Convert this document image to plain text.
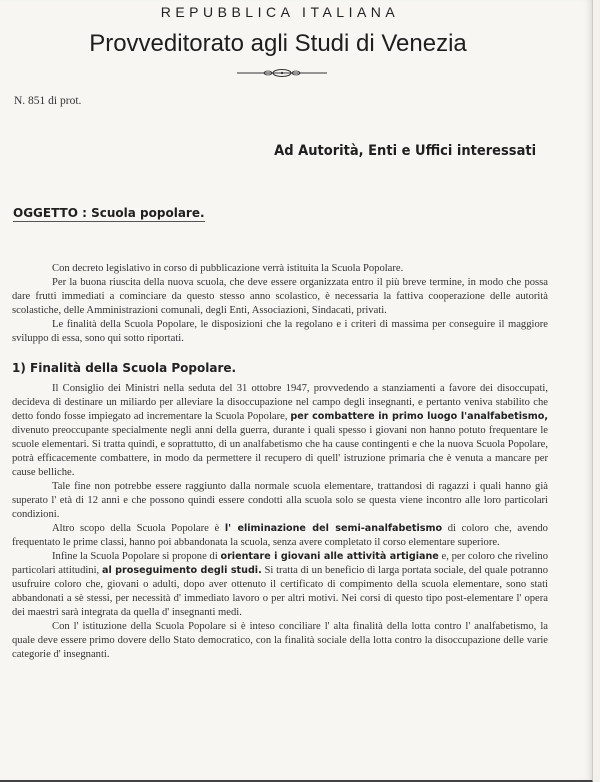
REPUBBLICA ITALIANA
Provveditorato agli Studi di Venezia
N. 851 di prot.
Ad Autorità, Enti e Uffici interessati
OGGETTO : Scuola popolare.

Con decreto legislativo in corso di pubblicazione verrà istituita la Scuola Popolare.

Per la buona riuscita della nuova scuola, che deve essere organizzata entro il più breve termine, in modo che possa dare frutti immediati a cominciare da questo stesso anno scolastico, è necessaria la fattiva cooperazione delle autorità scolastiche, delle Amministrazioni comunali, degli Enti, Associazioni, Sindacati, privati.

Le finalità della Scuola Popolare, le disposizioni che la regolano e i criteri di massima per conseguire il maggiore sviluppo di essa, sono qui sotto riportati.

1) Finalità della Scuola Popolare.

Il Consiglio dei Ministri nella seduta del 31 ottobre 1947, provvedendo a stanziamenti a favore dei disoccupati, decideva di destinare un miliardo per alleviare la disoccupazione nel campo degli insegnanti, e pertanto veniva stabilito che detto fondo fosse impiegato ad incrementare la Scuola Popolare, per combattere in primo luogo l'analfabetismo, divenuto preoccupante specialmente negli anni della guerra, durante i quali spesso i giovani non hanno potuto frequentare le scuole elementari. Si tratta quindi, e soprattutto, di un analfabetismo che ha cause contingenti e che la nuova Scuola Popolare, potrà efficacemente combattere, in modo da permettere il recupero di quell' istruzione primaria che è venuta a mancare per cause belliche.

Tale fine non potrebbe essere raggiunto dalla normale scuola elementare, trattandosi di ragazzi i quali hanno già superato l' età di 12 anni e che possono quindi essere condotti alla scuola solo se questa viene incontro alle loro particolari condizioni.

Altro scopo della Scuola Popolare è l' eliminazione del semi-analfabetismo di coloro che, avendo frequentato le prime classi, hanno poi abbandonata la scuola, senza avere completato il corso elementare superiore.

Infine la Scuola Popolare si propone di orientare i giovani alle attività artigiane e, per coloro che rivelino particolari attitudini, al proseguimento degli studi. Si tratta di un beneficio di larga portata sociale, del quale potranno usufruire coloro che, giovani o adulti, dopo aver ottenuto il certificato di compimento della scuola elementare, sono stati abbandonati a sè stessi, per necessità d' immediato lavoro o per altri motivi. Nei corsi di questo tipo post-elementare l' opera dei maestri sarà integrata da quella d' insegnanti medi.

Con l' istituzione della Scuola Popolare si è inteso conciliare l' alta finalità della lotta contro l' analfabetismo, la quale deve essere primo dovere dello Stato democratico, con la finalità sociale della lotta contro la disoccupazione delle varie categorie d' insegnanti.
